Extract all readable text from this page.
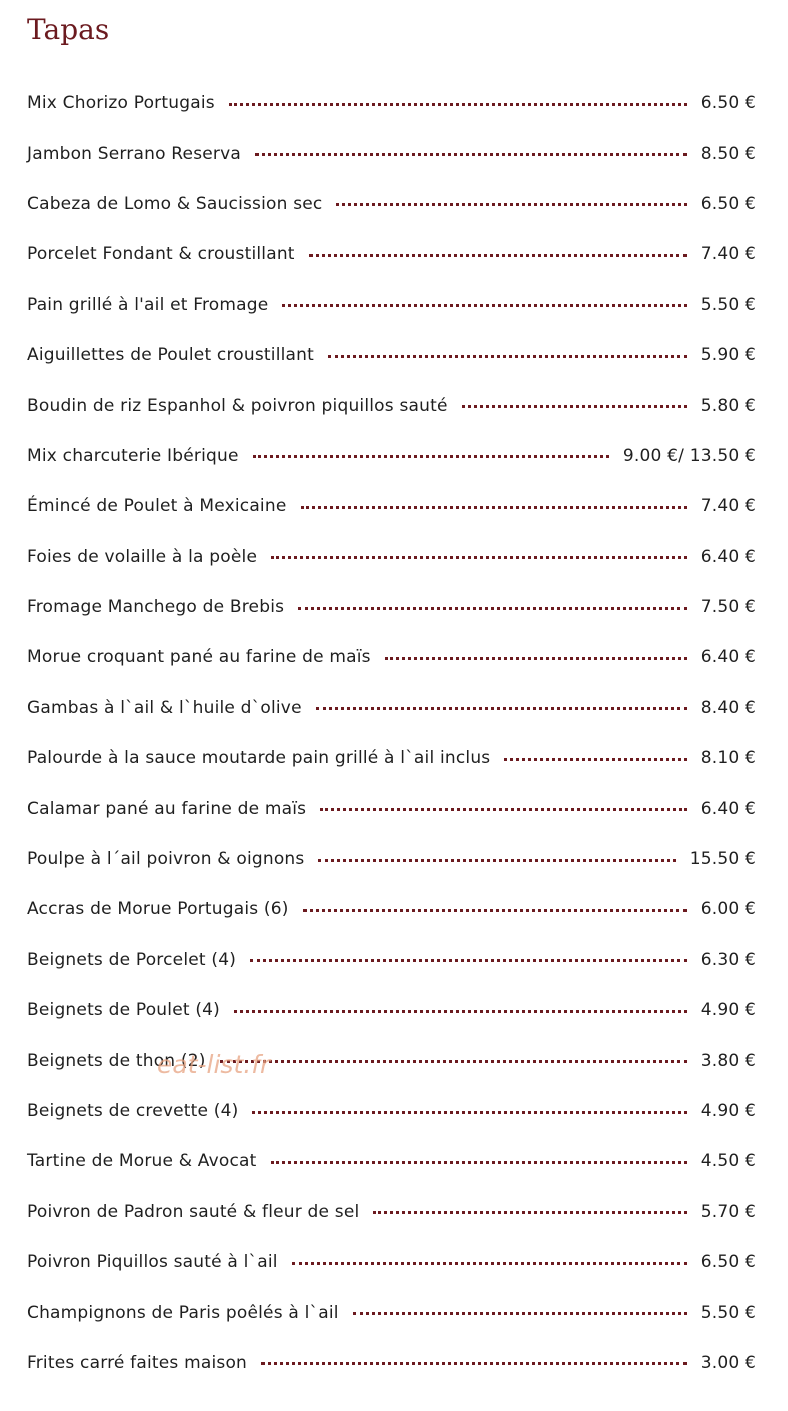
Tapas
Mix Chorizo Portugais	6.50 €
Jambon Serrano Reserva	8.50 €
Cabeza de Lomo & Saucission sec	6.50 €
Porcelet Fondant & croustillant	7.40 €
Pain grillé à l'ail et Fromage	5.50 €
Aiguillettes de Poulet croustillant	5.90 €
Boudin de riz Espanhol & poivron piquillos sauté	5.80 €
Mix charcuterie Ibérique	9.00 €/ 13.50 €
Émincé de Poulet à Mexicaine	7.40 €
Foies de volaille à la poèle	6.40 €
Fromage Manchego de Brebis	7.50 €
Morue croquant pané au farine de maïs	6.40 €
Gambas à l`ail & l`huile d`olive	8.40 €
Palourde à la sauce moutarde pain grillé à l`ail inclus	8.10 €
Calamar pané au farine de maïs	6.40 €
Poulpe à l´ail poivron & oignons	15.50 €
Accras de Morue Portugais (6)	6.00 €
Beignets de Porcelet (4)	6.30 €
Beignets de Poulet (4)	4.90 €
Beignets de thon (2)	3.80 €
Beignets de crevette (4)	4.90 €
Tartine de Morue & Avocat	4.50 €
Poivron de Padron sauté & fleur de sel	5.70 €
Poivron Piquillos sauté à l`ail	6.50 €
Champignons de Paris poêlés à l`ail	5.50 €
Frites carré faites maison	3.00 €
eat-list.fr
